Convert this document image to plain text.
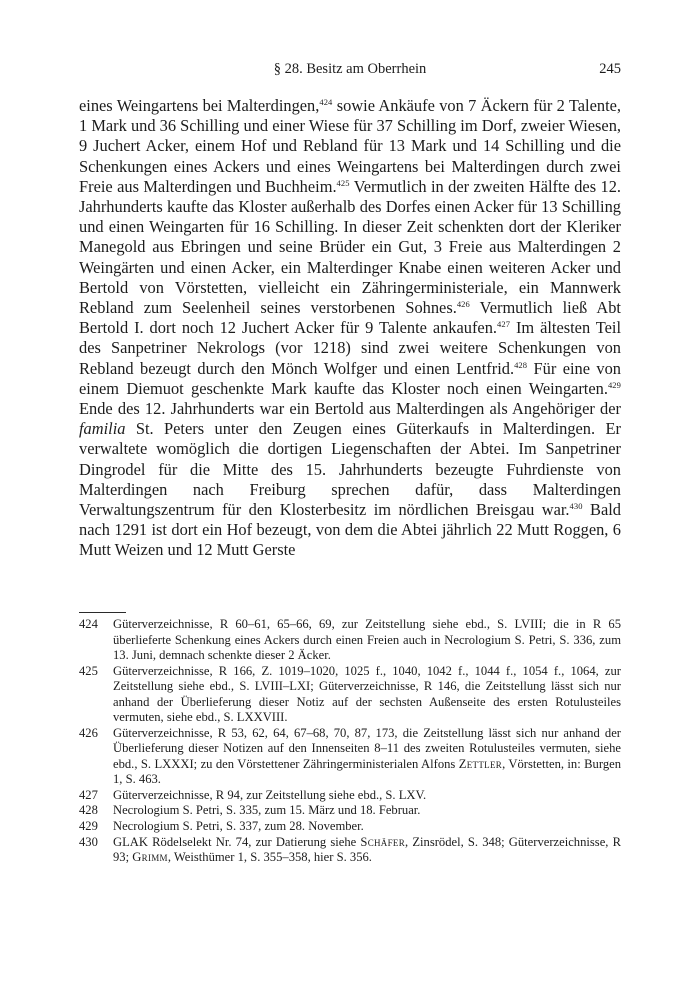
§ 28. Besitz am Oberrhein	245

eines Weingartens bei Malterdingen,$^{424}$ sowie Ankäufe von 7 Äckern für 2 Talente, 1 Mark und 36 Schilling und einer Wiese für 37 Schilling im Dorf, zweier Wiesen, 9 Juchert Acker, einem Hof und Rebland für 13 Mark und 14 Schilling und die Schenkungen eines Ackers und eines Weingartens bei Malterdingen durch zwei Freie aus Malterdingen und Buchheim.$^{425}$ Vermutlich in der zweiten Hälfte des 12. Jahrhunderts kaufte das Kloster außerhalb des Dorfes einen Acker für 13 Schilling und einen Weingarten für 16 Schilling. In dieser Zeit schenkten dort der Kleriker Manegold aus Ebringen und seine Brüder ein Gut, 3 Freie aus Malterdingen 2 Weingärten und einen Acker, ein Malterdinger Knabe einen weiteren Acker und Bertold von Vörstetten, vielleicht ein Zähringerministeriale, ein Mannwerk Rebland zum Seelenheil seines verstorbenen Sohnes.$^{426}$ Vermutlich ließ Abt Bertold I. dort noch 12 Juchert Acker für 9 Talente ankaufen.$^{427}$ Im ältesten Teil des Sanpetriner Nekrologs (vor 1218) sind zwei weitere Schenkungen von Rebland bezeugt durch den Mönch Wolfger und einen Lentfrid.$^{428}$ Für eine von einem Diemuot geschenkte Mark kaufte das Kloster noch einen Weingarten.$^{429}$ Ende des 12. Jahrhunderts war ein Bertold aus Malterdingen als Angehöriger der familia St. Peters unter den Zeugen eines Güterkaufs in Malterdingen. Er verwaltete womöglich die dortigen Liegenschaften der Abtei. Im Sanpetriner Dingrodel für die Mitte des 15. Jahrhunderts bezeugte Fuhrdienste von Malterdingen nach Freiburg sprechen dafür, dass Malterdingen Verwaltungszentrum für den Klosterbesitz im nördlichen Breisgau war.$^{430}$ Bald nach 1291 ist dort ein Hof bezeugt, von dem die Abtei jährlich 22 Mutt Roggen, 6 Mutt Weizen und 12 Mutt Gerste

424	Güterverzeichnisse, R 60–61, 65–66, 69, zur Zeitstellung siehe ebd., S. LVIII; die in R 65 überlieferte Schenkung eines Ackers durch einen Freien auch in Necrologium S. Petri, S. 336, zum 13. Juni, demnach schenkte dieser 2 Äcker.
425	Güterverzeichnisse, R 166, Z. 1019–1020, 1025 f., 1040, 1042 f., 1044 f., 1054 f., 1064, zur Zeitstellung siehe ebd., S. LVIII–LXI; Güterverzeichnisse, R 146, die Zeitstellung lässt sich nur anhand der Überlieferung dieser Notiz auf der sechsten Außenseite des ersten Rotulusteiles vermuten, siehe ebd., S. LXXVIII.
426	Güterverzeichnisse, R 53, 62, 64, 67–68, 70, 87, 173, die Zeitstellung lässt sich nur anhand der Überlieferung dieser Notizen auf den Innenseiten 8–11 des zweiten Rotulusteiles vermuten, siehe ebd., S. LXXXI; zu den Vörstettener Zähringerministerialen Alfons Zettler, Vörstetten, in: Burgen 1, S. 463.
427	Güterverzeichnisse, R 94, zur Zeitstellung siehe ebd., S. LXV.
428	Necrologium S. Petri, S. 335, zum 15. März und 18. Februar.
429	Necrologium S. Petri, S. 337, zum 28. November.
430	GLAK Rödelselekt Nr. 74, zur Datierung siehe Schäfer, Zinsrödel, S. 348; Güterverzeichnisse, R 93; Grimm, Weisthümer 1, S. 355–358, hier S. 356.
